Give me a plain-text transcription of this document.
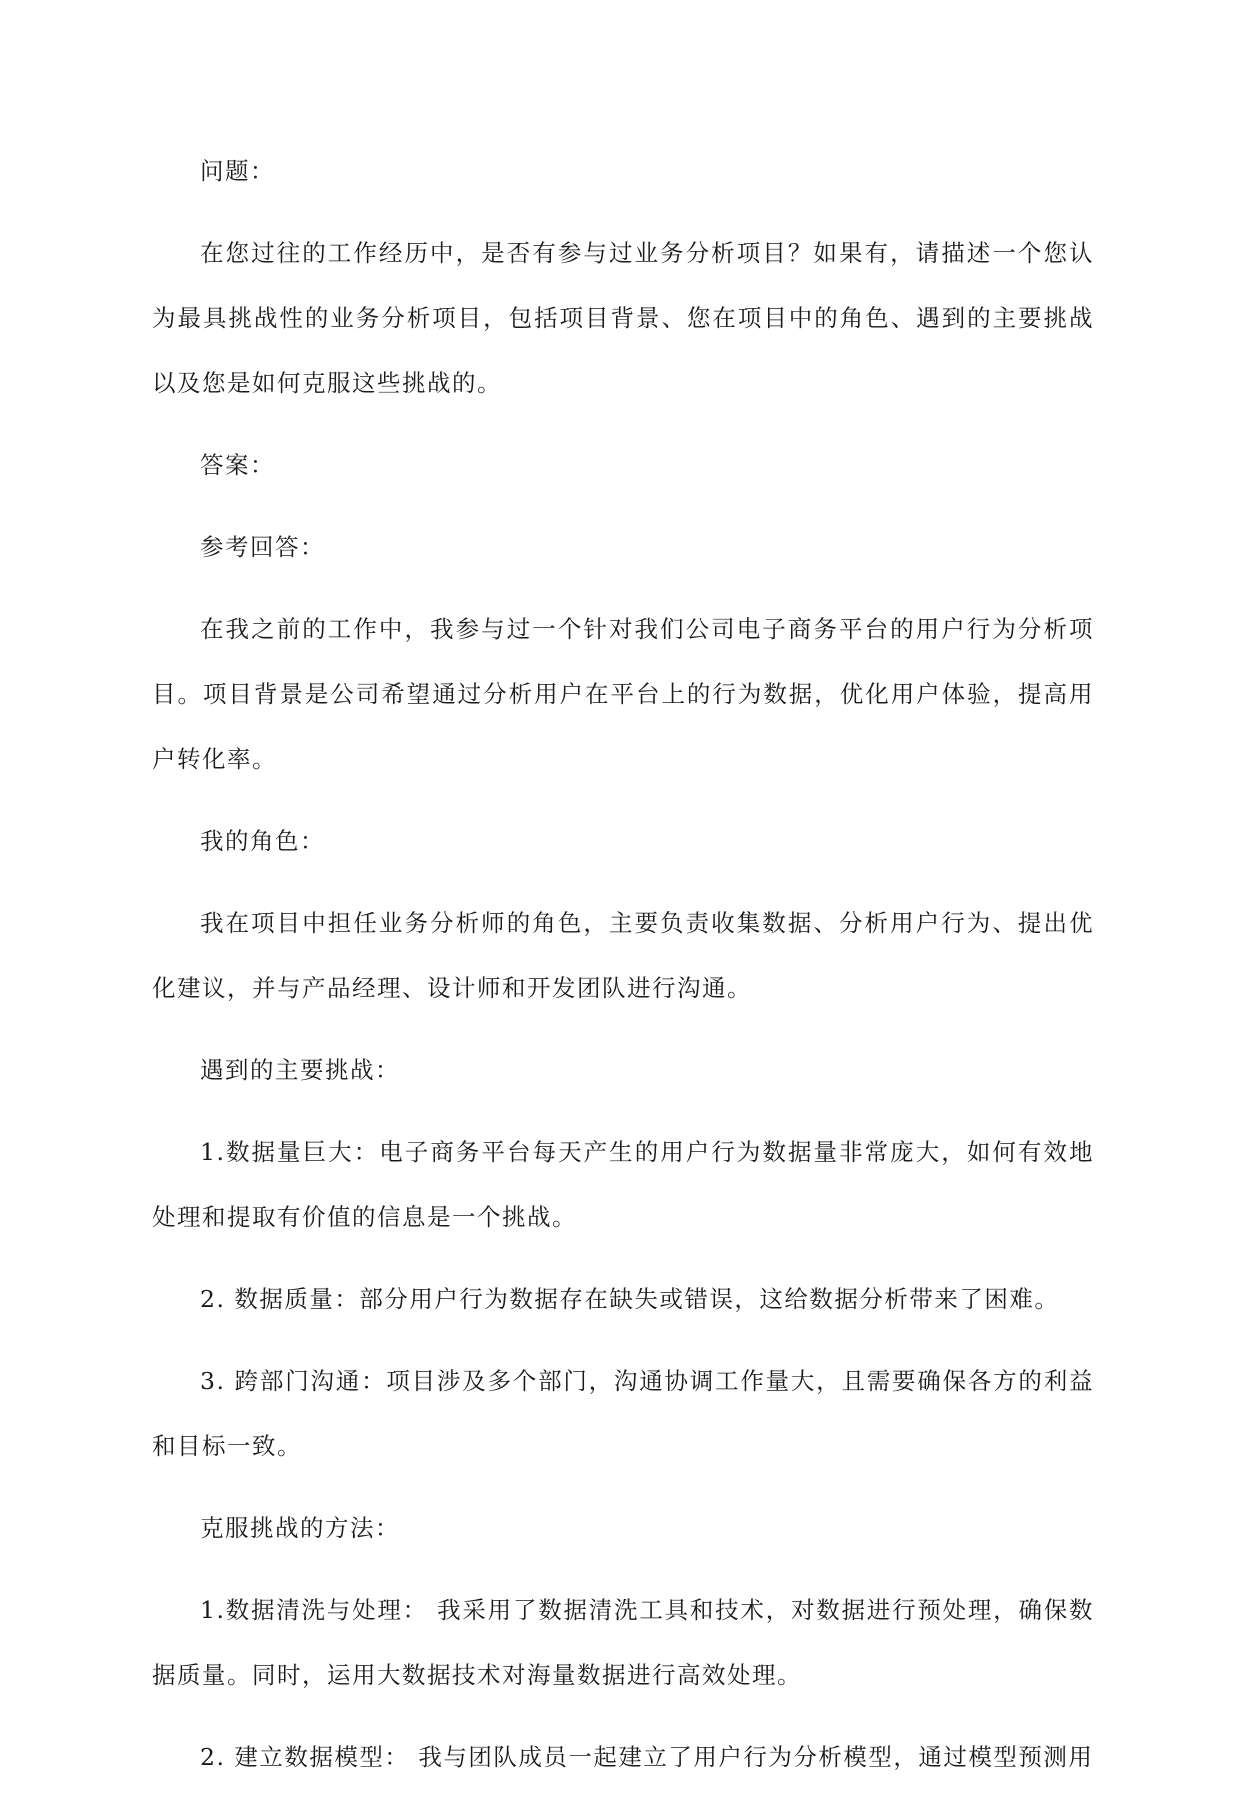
问题：

在您过往的工作经历中，是否有参与过业务分析项目？如果有，请描述一个您认为最具挑战性的业务分析项目，包括项目背景、您在项目中的角色、遇到的主要挑战以及您是如何克服这些挑战的。

答案：

参考回答：

在我之前的工作中，我参与过一个针对我们公司电子商务平台的用户行为分析项目。项目背景是公司希望通过分析用户在平台上的行为数据，优化用户体验，提高用户转化率。

我的角色：

我在项目中担任业务分析师的角色，主要负责收集数据、分析用户行为、提出优化建议，并与产品经理、设计师和开发团队进行沟通。

遇到的主要挑战：

1.数据量巨大：电子商务平台每天产生的用户行为数据量非常庞大，如何有效地处理和提取有价值的信息是一个挑战。

2. 数据质量：部分用户行为数据存在缺失或错误，这给数据分析带来了困难。

3. 跨部门沟通：项目涉及多个部门，沟通协调工作量大，且需要确保各方的利益和目标一致。

克服挑战的方法：

1.数据清洗与处理： 我采用了数据清洗工具和技术，对数据进行预处理，确保数据质量。同时，运用大数据技术对海量数据进行高效处理。

2. 建立数据模型： 我与团队成员一起建立了用户行为分析模型，通过模型预测用
